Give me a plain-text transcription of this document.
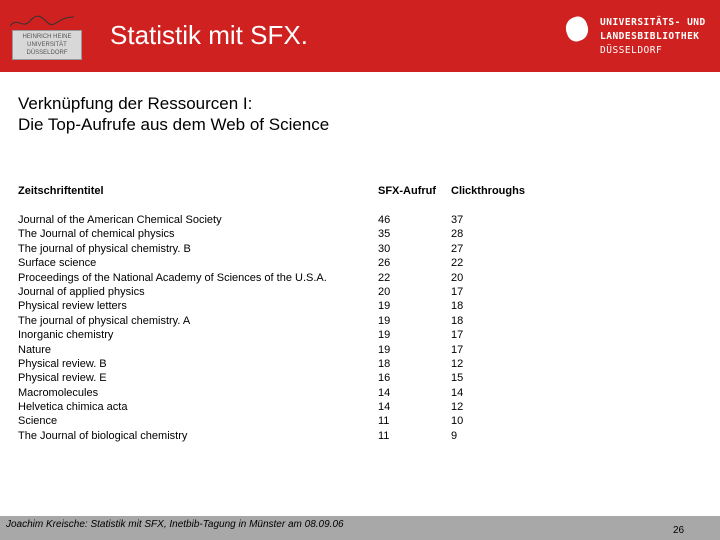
HEINRICH HEINE UNIVERSITÄT DÜSSELDORF
Statistik mit SFX.	UNIVERSITÄTS- UND
LANDESBIBLIOTHEK
DÜSSELDORF
Verknüpfung der Ressourcen I:
Die Top-Aufrufe aus dem Web of Science
Zeitschriftentitel	SFX-Aufruf Clickthroughs
Journal of the American Chemical Society
The Journal of chemical physics
The journal of physical chemistry. B
Surface science
Proceedings of the National Academy of Sciences of the U.S.A.
Journal of applied physics
Physical review letters
The journal of physical chemistry. A
Inorganic chemistry
Nature
Physical review. B
Physical review. E
Macromolecules
Helvetica chimica acta
Science
The Journal of biological chemistry
46
35
30
26
22
20
19
19
19
19
18
16
14
14
11
11
37
28
27
22
20
17
18
18
17
17
12
15
14
12
10
9
Joachim Kreische: Statistik mit SFX, Inetbib-Tagung in Münster am 08.09.06
26
